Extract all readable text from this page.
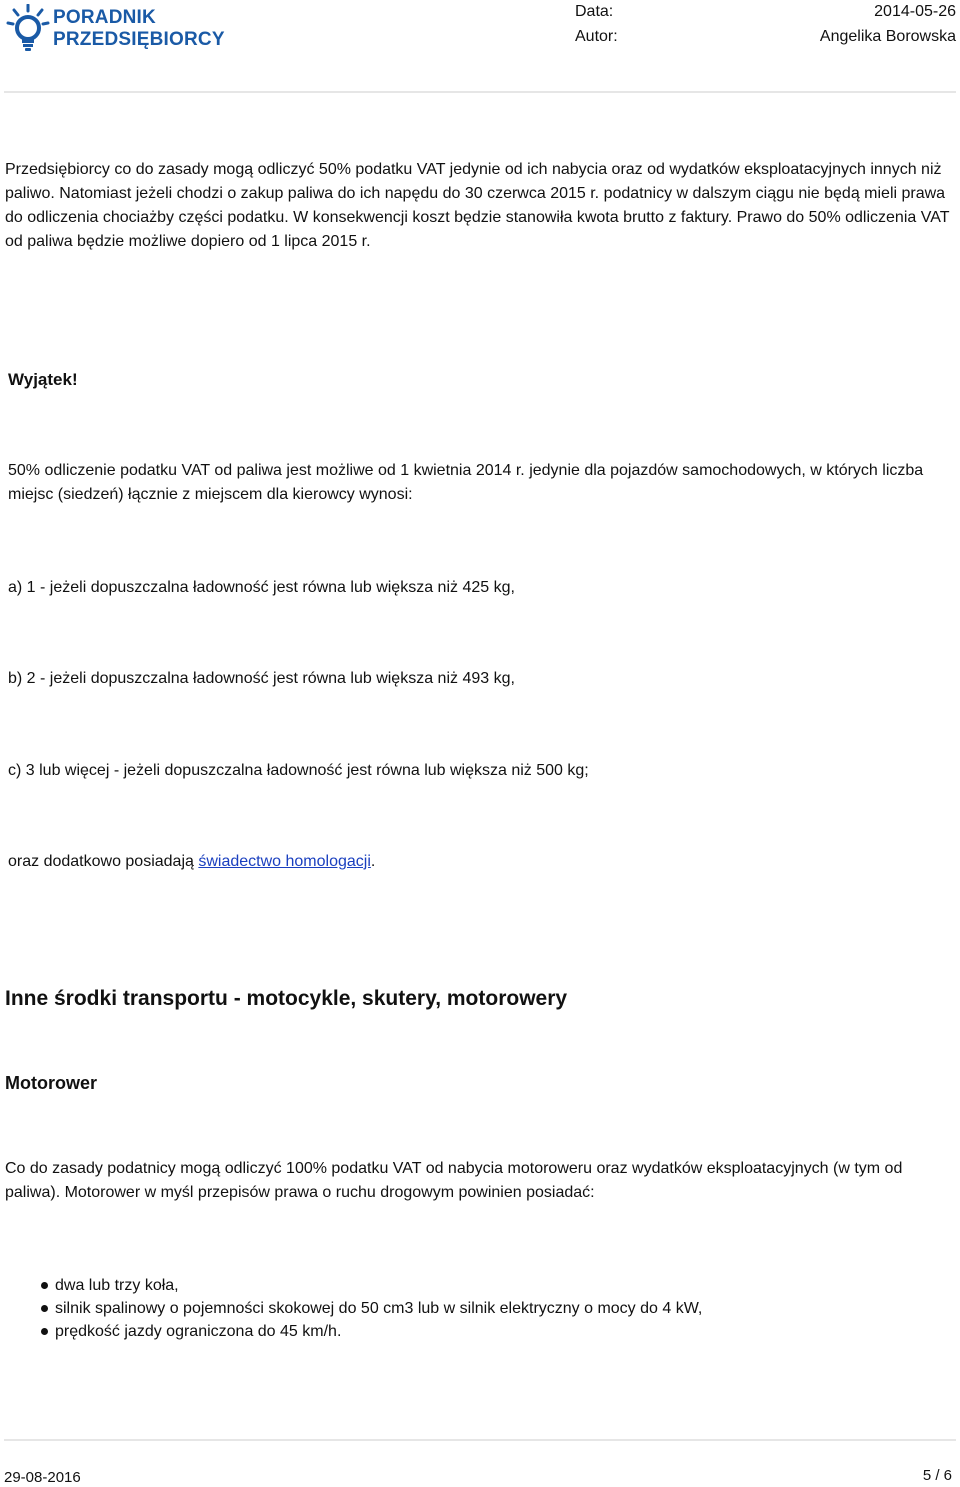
PORADNIK
PRZEDSIĘBIORCY
Data:	2014-05-26
Autor:	Angelika Borowska

Przedsiębiorcy co do zasady mogą odliczyć 50% podatku VAT jedynie od ich nabycia oraz od wydatków eksploatacyjnych innych niż paliwo. Natomiast jeżeli chodzi o zakup paliwa do ich napędu do 30 czerwca 2015 r. podatnicy w dalszym ciągu nie będą mieli prawa do odliczenia chociażby części podatku. W konsekwencji koszt będzie stanowiła kwota brutto z faktury. Prawo do 50% odliczenia VAT od paliwa będzie możliwe dopiero od 1 lipca 2015 r.

Wyjątek!

50% odliczenie podatku VAT od paliwa jest możliwe od 1 kwietnia 2014 r. jedynie dla pojazdów samochodowych, w których liczba miejsc (siedzeń) łącznie z miejscem dla kierowcy wynosi:

a) 1 - jeżeli dopuszczalna ładowność jest równa lub większa niż 425 kg,
b) 2 - jeżeli dopuszczalna ładowność jest równa lub większa niż 493 kg,
c) 3 lub więcej - jeżeli dopuszczalna ładowność jest równa lub większa niż 500 kg;
oraz dodatkowo posiadają świadectwo homologacji.
Inne środki transportu - motocykle, skutery, motorowery
Motorower

Co do zasady podatnicy mogą odliczyć 100% podatku VAT od nabycia motoroweru oraz wydatków eksploatacyjnych (w tym od paliwa). Motorower w myśl przepisów prawa o ruchu drogowym powinien posiadać:

dwa lub trzy koła,
silnik spalinowy o pojemności skokowej do 50 cm3 lub w silnik elektryczny o mocy do 4 kW,
prędkość jazdy ograniczona do 45 km/h.
29-08-2016	5 / 6
